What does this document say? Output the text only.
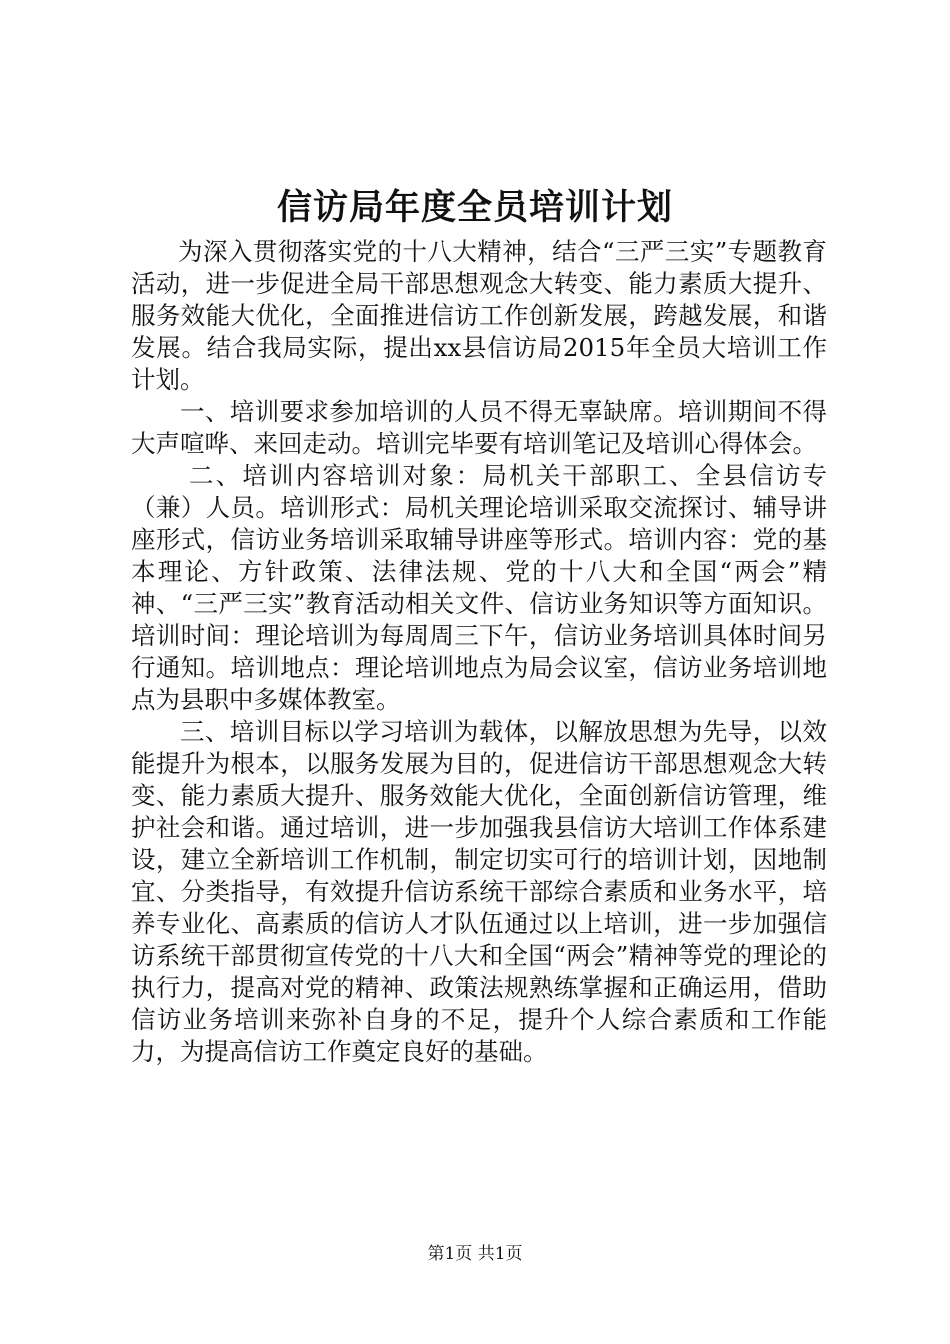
信访局年度全员培训计划

为深入贯彻落实党的十八大精神，结合“三严三实”专题教育活动，进一步促进全局干部思想观念大转变、能力素质大提升、服务效能大优化，全面推进信访工作创新发展，跨越发展，和谐发展。结合我局实际，提出xx县信访局2015年全员大培训工作计划。

一、培训要求参加培训的人员不得无辜缺席。培训期间不得大声喧哗、来回走动。培训完毕要有培训笔记及培训心得体会。

二、培训内容培训对象：局机关干部职工、全县信访专（兼）人员。培训形式：局机关理论培训采取交流探讨、辅导讲座形式，信访业务培训采取辅导讲座等形式。培训内容：党的基本理论、方针政策、法律法规、党的十八大和全国“两会”精神、“三严三实”教育活动相关文件、信访业务知识等方面知识。培训时间：理论培训为每周周三下午，信访业务培训具体时间另行通知。培训地点：理论培训地点为局会议室，信访业务培训地点为县职中多媒体教室。

三、培训目标以学习培训为载体，以解放思想为先导，以效能提升为根本，以服务发展为目的，促进信访干部思想观念大转变、能力素质大提升、服务效能大优化，全面创新信访管理，维护社会和谐。通过培训，进一步加强我县信访大培训工作体系建设，建立全新培训工作机制，制定切实可行的培训计划，因地制宜、分类指导，有效提升信访系统干部综合素质和业务水平，培养专业化、高素质的信访人才队伍通过以上培训，进一步加强信访系统干部贯彻宣传党的十八大和全国“两会”精神等党的理论的执行力，提高对党的精神、政策法规熟练掌握和正确运用，借助信访业务培训来弥补自身的不足，提升个人综合素质和工作能力，为提高信访工作奠定良好的基础。

第1页 共1页
